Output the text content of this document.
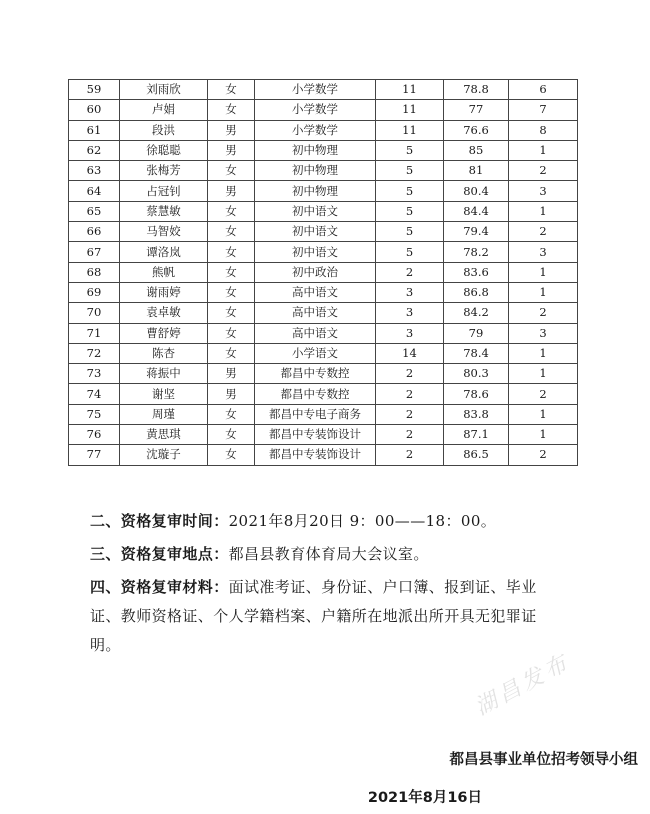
59	刘雨欣	女	小学数学	11	78.8	6
60	卢娟	女	小学数学	11	77	7
61	段洪	男	小学数学	11	76.6	8
62	徐聪聪	男	初中物理	5	85	1
63	张梅芳	女	初中物理	5	81	2
64	占冠钊	男	初中物理	5	80.4	3
65	蔡慧敏	女	初中语文	5	84.4	1
66	马智姣	女	初中语文	5	79.4	2
67	谭洛岚	女	初中语文	5	78.2	3
68	熊帆	女	初中政治	2	83.6	1
69	谢雨婷	女	高中语文	3	86.8	1
70	袁卓敏	女	高中语文	3	84.2	2
71	曹舒婷	女	高中语文	3	79	3
72	陈杏	女	小学语文	14	78.4	1
73	蒋振中	男	都昌中专数控	2	80.3	1
74	谢坚	男	都昌中专数控	2	78.6	2
75	周瑾	女	都昌中专电子商务	2	83.8	1
76	黄思琪	女	都昌中专装饰设计	2	87.1	1
77	沈璇子	女	都昌中专装饰设计	2	86.5	2
二、资格复审时间：2021年8月20日 9：00——18：00。
三、资格复审地点：都昌县教育体育局大会议室。
四、资格复审材料：面试准考证、身份证、户口簿、报到证、毕业证、教师资格证、个人学籍档案、户籍所在地派出所开具无犯罪证明。
湖昌发布
都昌县事业单位招考领导小组
2021年8月16日
